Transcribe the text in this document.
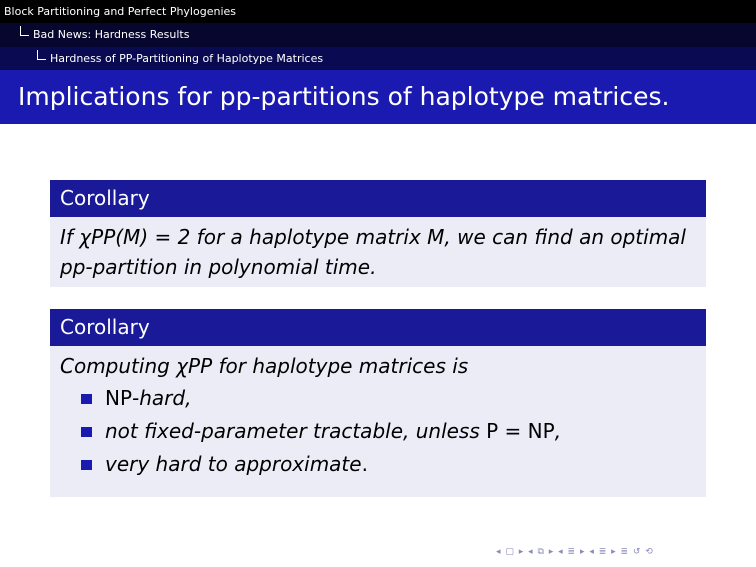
Block Partitioning and Perfect Phylogenies
Bad News: Hardness Results
Hardness of PP-Partitioning of Haplotype Matrices
Implications for pp-partitions of haplotype matrices.
Corollary
If χPP(M) = 2 for a haplotype matrix M, we can find an optimal
pp-partition in polynomial time.
Corollary
Computing χPP for haplotype matrices is
NP-hard,
not fixed-parameter tractable, unless P = NP,
very hard to approximate.
◂ ▢ ▸ ◂ ⧉ ▸ ◂ ≣ ▸ ◂ ≣ ▸ ≣ ↺ ⟲
